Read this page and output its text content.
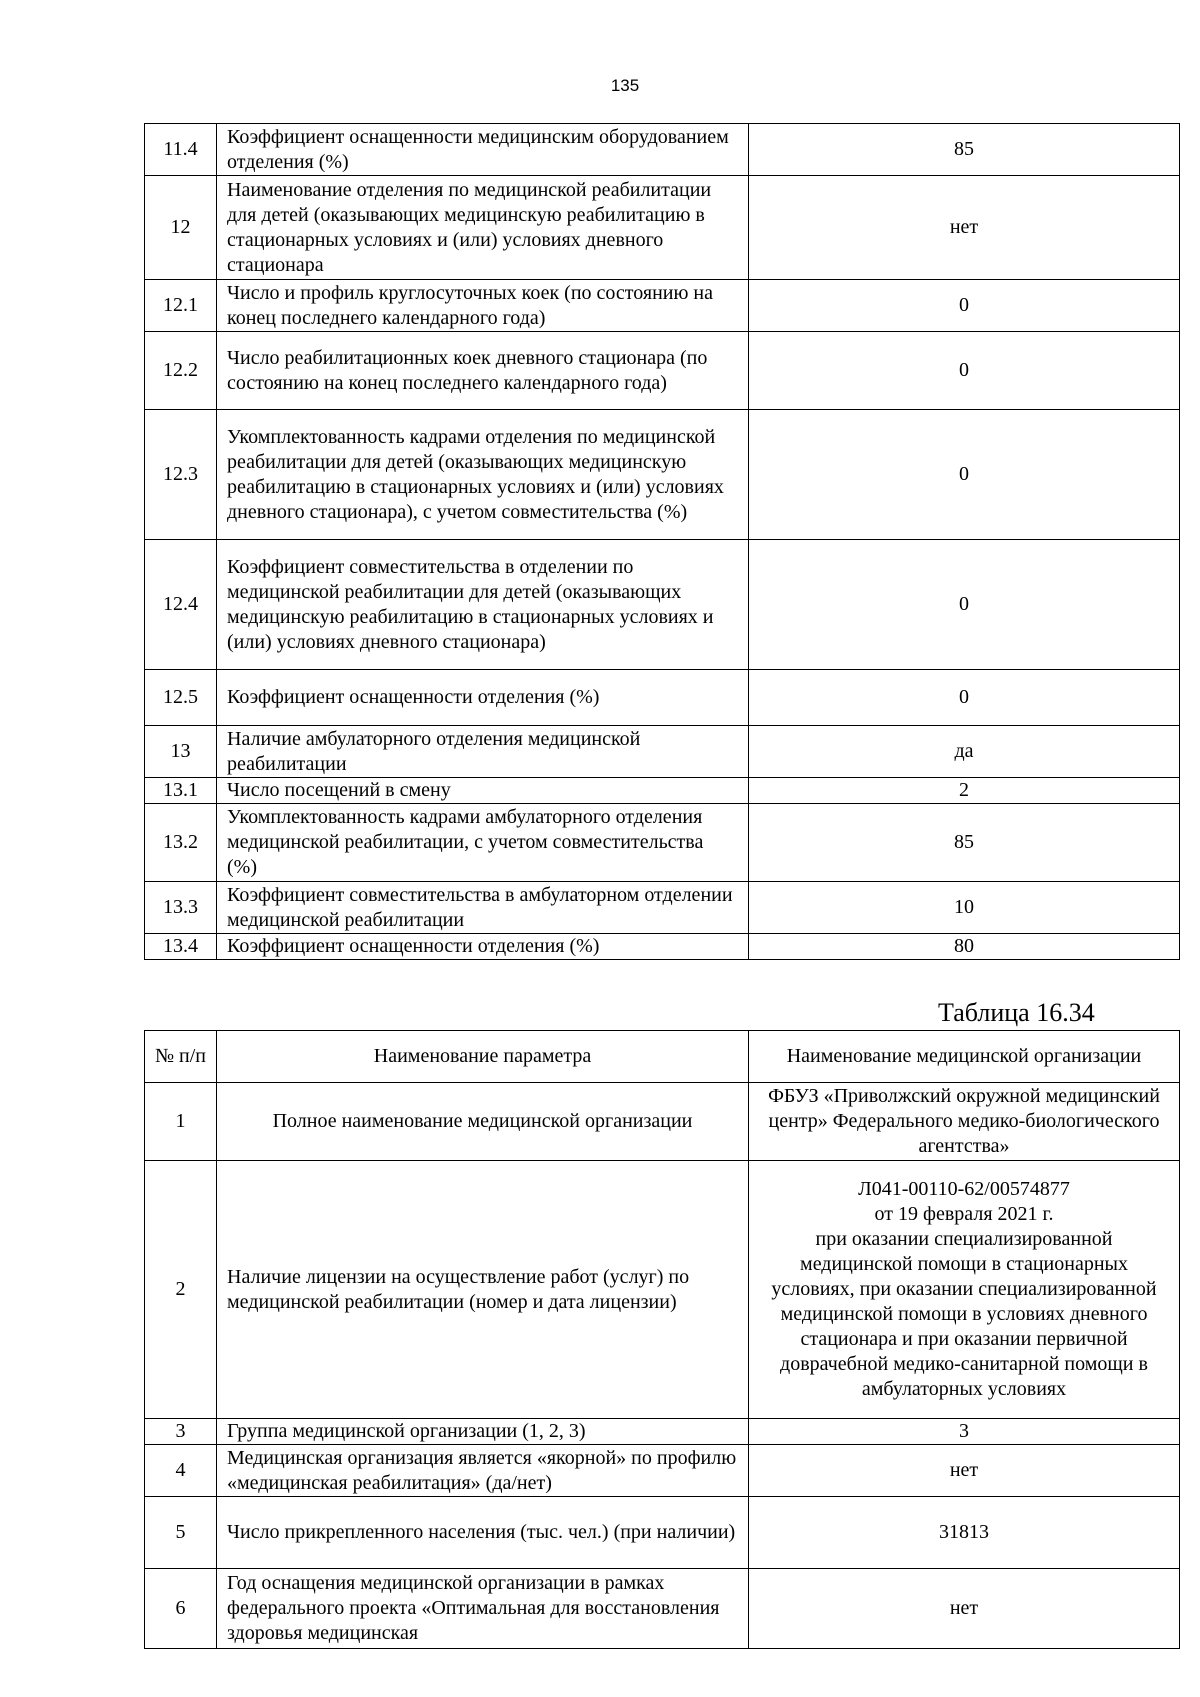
135
11.4	Коэффициент оснащенности медицинским оборудованием отделения (%)	85
12	Наименование отделения по медицинской реабилитации для детей (оказывающих медицинскую реабилитацию в стационарных условиях и (или) условиях дневного стационара	нет
12.1	Число и профиль круглосуточных коек (по состоянию на конец последнего календарного года)	0
12.2	Число реабилитационных коек дневного стационара (по состоянию на конец последнего календарного года)	0
12.3	Укомплектованность кадрами отделения по медицинской реабилитации для детей (оказывающих медицинскую реабилитацию в стационарных условиях и (или) условиях дневного стационара), с учетом совместительства (%)	0
12.4	Коэффициент совместительства в отделении по медицинской реабилитации для детей (оказывающих медицинскую реабилитацию в стационарных условиях и (или) условиях дневного стационара)	0
12.5	Коэффициент оснащенности отделения (%)	0
13	Наличие амбулаторного отделения медицинской реабилитации	да
13.1	Число посещений в смену	2
13.2	Укомплектованность кадрами амбулаторного отделения медицинской реабилитации, с учетом совместительства (%)	85
13.3	Коэффициент совместительства в амбулаторном отделении медицинской реабилитации	10
13.4	Коэффициент оснащенности отделения (%)	80
Таблица 16.34
№ п/п	Наименование параметра	Наименование медицинской организации
1	Полное наименование медицинской организации	ФБУЗ «Приволжский окружной медицинский центр» Федерального медико-биологического агентства»
2	Наличие лицензии на осуществление работ (услуг) по медицинской реабилитации (номер и дата лицензии)	Л041-00110-62/00574877
от 19 февраля 2021 г.
при оказании специализированной медицинской помощи в стационарных условиях, при оказании специализированной медицинской помощи в условиях дневного стационара и при оказании первичной доврачебной медико-санитарной помощи в амбулаторных условиях

3	Группа медицинской организации (1, 2, 3)	3
4	Медицинская организация является «якорной» по профилю «медицинская реабилитация» (да/нет)	нет
5	Число прикрепленного населения (тыс. чел.) (при наличии)	31813
6	Год оснащения медицинской организации в рамках федерального проекта «Оптимальная для восстановления здоровья медицинская	нет
